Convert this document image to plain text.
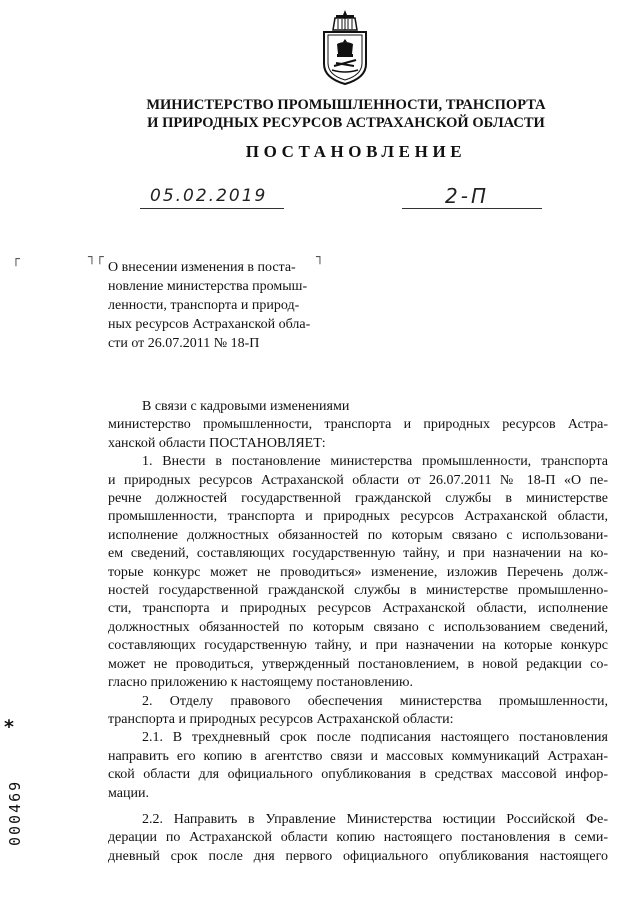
МИНИСТЕРСТВО ПРОМЫШЛЕННОСТИ, ТРАНСПОРТА
И ПРИРОДНЫХ РЕСУРСОВ АСТРАХАНСКОЙ ОБЛАСТИ
ПОСТАНОВЛЕНИЕ
05.02.2019	2-П
┌	┐┌	┐
О внесении изменения в поста-
новление министерства промыш-
ленности, транспорта и природ-
ных ресурсов Астраханской обла-
сти от 26.07.2011 № 18-П
В связи с кадровыми изменениями
министерство промышленности, транспорта и природных ресурсов Астра-
ханской области ПОСТАНОВЛЯЕТ:
1. Внести в постановление министерства промышленности, транспорта
и природных ресурсов Астраханской области от 26.07.2011 № 18-П «О пе-
речне должностей государственной гражданской службы в министерстве
промышленности, транспорта и природных ресурсов Астраханской области,
исполнение должностных обязанностей по которым связано с использовани-
ем сведений, составляющих государственную тайну, и при назначении на ко-
торые конкурс может не проводиться» изменение, изложив Перечень долж-
ностей государственной гражданской службы в министерстве промышленно-
сти, транспорта и природных ресурсов Астраханской области, исполнение
должностных обязанностей по которым связано с использованием сведений,
составляющих государственную тайну, и при назначении на которые конкурс
может не проводиться, утвержденный постановлением, в новой редакции со-
гласно приложению к настоящему постановлению.
2. Отделу правового обеспечения министерства промышленности,
транспорта и природных ресурсов Астраханской области:
2.1. В трехдневный срок после подписания настоящего постановления
направить его копию в агентство связи и массовых коммуникаций Астрахан-
ской области для официального опубликования в средствах массовой инфор-
мации.
2.2. Направить в Управление Министерства юстиции Российской Фе-
дерации по Астраханской области копию настоящего постановления в семи-
дневный срок после дня первого официального опубликования настоящего
*
000469
